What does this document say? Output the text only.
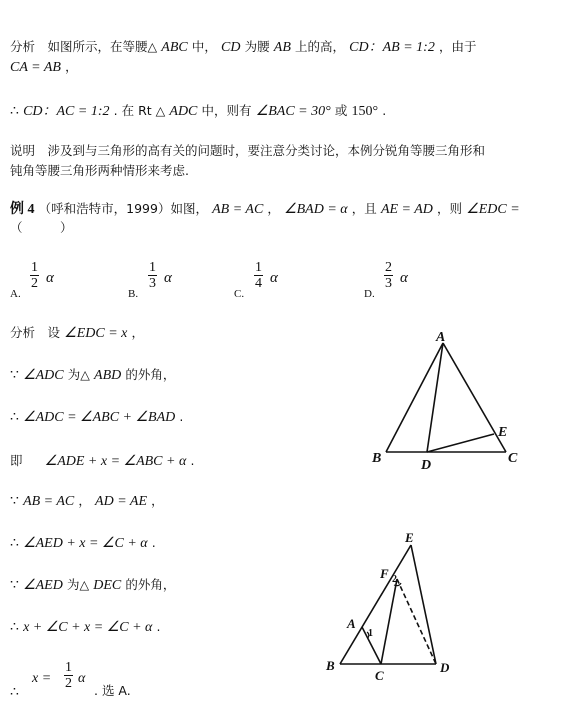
分析　如图所示，在等腰△ ABC 中， CD 为腰 AB 上的高， CD：AB = 1:2 ，由于
CA = AB ，
∴ CD：AC = 1:2 . 在 Rt △ ADC 中，则有 ∠BAC = 30° 或 150° .
说明　涉及到与三角形的高有关的问题时，要注意分类讨论，本例分锐角等腰三角形和
钝角等腰三角形两种情形来考虑.
例 4 （呼和浩特市，1999）如图， AB = AC ， ∠BAD = α ，且 AE = AD ，则 ∠EDC =
（　　　）
A.
$\frac{1}{2}$ α
B.
$\frac{1}{3}$ α
C.
$\frac{1}{4}$ α
D.
$\frac{2}{3}$ α
分析　设 ∠EDC = x ，
∵ ∠ADC 为△ ABD 的外角，
∴ ∠ADC = ∠ABC + ∠BAD .
即 ∠ADE + x = ∠ABC + α .
∵ AB = AC ， AD = AE ，
∴ ∠AED + x = ∠C + α .
∵ ∠AED 为△ DEC 的外角，
∴ x + ∠C + x = ∠C + α .
∴
$x = \frac{1}{2}$ α
. 选 A.
A
B	C
D
E
E
F
A
B
C
D
1
2
